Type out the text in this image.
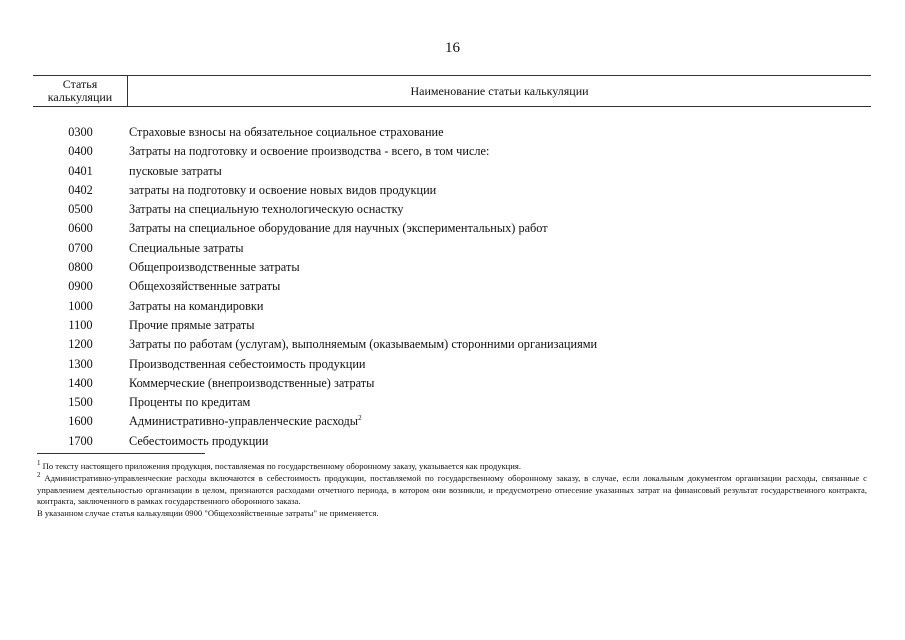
16
Статья калькуляции	Наименование статьи калькуляции
0300	Страховые взносы на обязательное социальное страхование
0400	Затраты на подготовку и освоение производства - всего, в том числе:
0401	пусковые затраты
0402	затраты на подготовку и освоение новых видов продукции
0500	Затраты на специальную технологическую оснастку
0600	Затраты на специальное оборудование для научных (экспериментальных) работ
0700	Специальные затраты
0800	Общепроизводственные затраты
0900	Общехозяйственные затраты
1000	Затраты на командировки
1100	Прочие прямые затраты
1200	Затраты по работам (услугам), выполняемым (оказываемым) сторонними организациями
1300	Производственная себестоимость продукции
1400	Коммерческие (внепроизводственные) затраты
1500	Проценты по кредитам
1600	Административно-управленческие расходы$^2$
1700	Себестоимость продукции

$^1$ По тексту настоящего приложения продукция, поставляемая по государственному оборонному заказу, указывается как продукция.

$^2$ Административно-управленческие расходы включаются в себестоимость продукции, поставляемой по государственному оборонному заказу, в случае, если локальным документом организации расходы, связанные с управлением деятельностью организации в целом, признаются расходами отчетного периода, в котором они возникли, и предусмотрено отнесение указанных затрат на финансовый результат государственного контракта, контракта, заключенного в рамках государственного оборонного заказа.

В указанном случае статья калькуляции 0900 "Общехозяйственные затраты" не применяется.
